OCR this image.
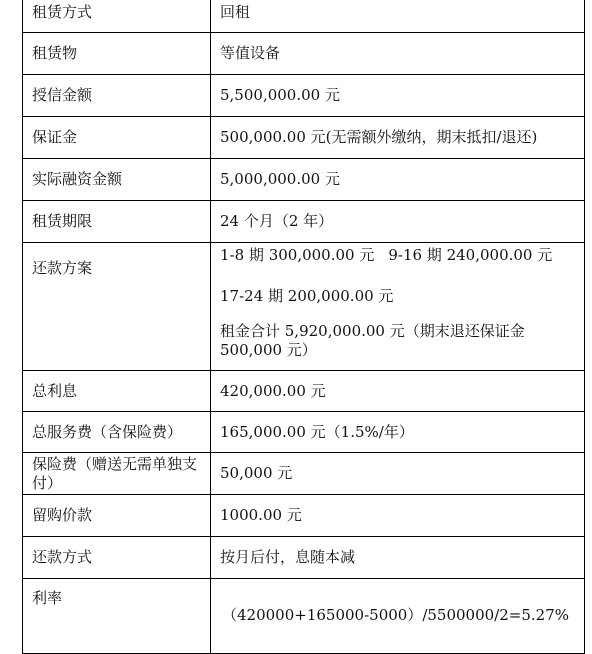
租赁方式	回租
租赁物	等值设备
授信金额	5,500,000.00 元
保证金	500,000.00 元(无需额外缴纳，期末抵扣/退还)
实际融资金额	5,000,000.00 元
租赁期限	24 个月（2 年）
还款方案	1-8 期 300,000.00 元 9-16 期 240,000.00 元
17-24 期 200,000.00 元
租金合计 5,920,000.00 元（期末退还保证金 500,000 元）

总利息	420,000.00 元
总服务费（含保险费）	165,000.00 元（1.5%/年）
保险费（赠送无需单独支付）	50,000 元
留购价款	1000.00 元
还款方式	按月后付，息随本减
利率	（420000+165000-5000）/5500000/2=5.27%
